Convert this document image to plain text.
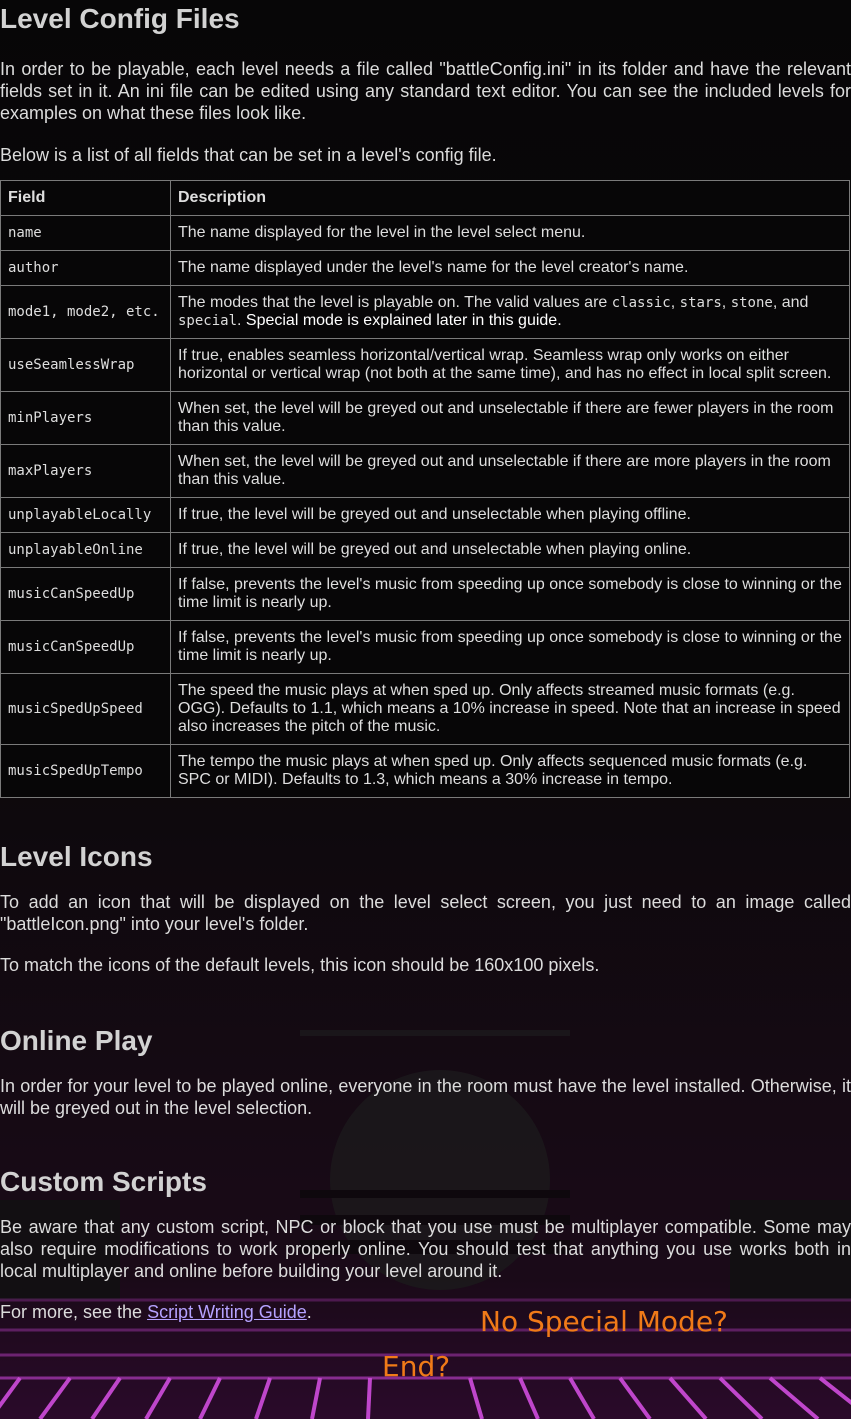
Level Config Files

In order to be playable, each level needs a file called "battleConfig.ini" in its folder and have the relevant fields set in it. An ini file can be edited using any standard text editor. You can see the included levels for examples on what these files look like.

Below is a list of all fields that can be set in a level's config file.

Field	Description
name	The name displayed for the level in the level select menu.
author	The name displayed under the level's name for the level creator's name.
mode1, mode2, etc.	The modes that the level is playable on. The valid values are classic, stars, stone, and special. Special mode is explained later in this guide.
useSeamlessWrap	If true, enables seamless horizontal/vertical wrap. Seamless wrap only works on either horizontal or vertical wrap (not both at the same time), and has no effect in local split screen.
minPlayers	When set, the level will be greyed out and unselectable if there are fewer players in the room than this value.
maxPlayers	When set, the level will be greyed out and unselectable if there are more players in the room than this value.
unplayableLocally	If true, the level will be greyed out and unselectable when playing offline.
unplayableOnline	If true, the level will be greyed out and unselectable when playing online.
musicCanSpeedUp	If false, prevents the level's music from speeding up once somebody is close to winning or the time limit is nearly up.
musicCanSpeedUp	If false, prevents the level's music from speeding up once somebody is close to winning or the time limit is nearly up.
musicSpedUpSpeed	The speed the music plays at when sped up. Only affects streamed music formats (e.g. OGG). Defaults to 1.1, which means a 10% increase in speed. Note that an increase in speed also increases the pitch of the music.
musicSpedUpTempo	The tempo the music plays at when sped up. Only affects sequenced music formats (e.g. SPC or MIDI). Defaults to 1.3, which means a 30% increase in tempo.
Level Icons

To add an icon that will be displayed on the level select screen, you just need to an image called "battleIcon.png" into your level's folder.

To match the icons of the default levels, this icon should be 160x100 pixels.

Online Play

In order for your level to be played online, everyone in the room must have the level installed. Otherwise, it will be greyed out in the level selection.

Custom Scripts

Be aware that any custom script, NPC or block that you use must be multiplayer compatible. Some may also require modifications to work properly online. You should test that anything you use works both in local multiplayer and online before building your level around it.

For more, see the Script Writing Guide.	No Special Mode?
End?
